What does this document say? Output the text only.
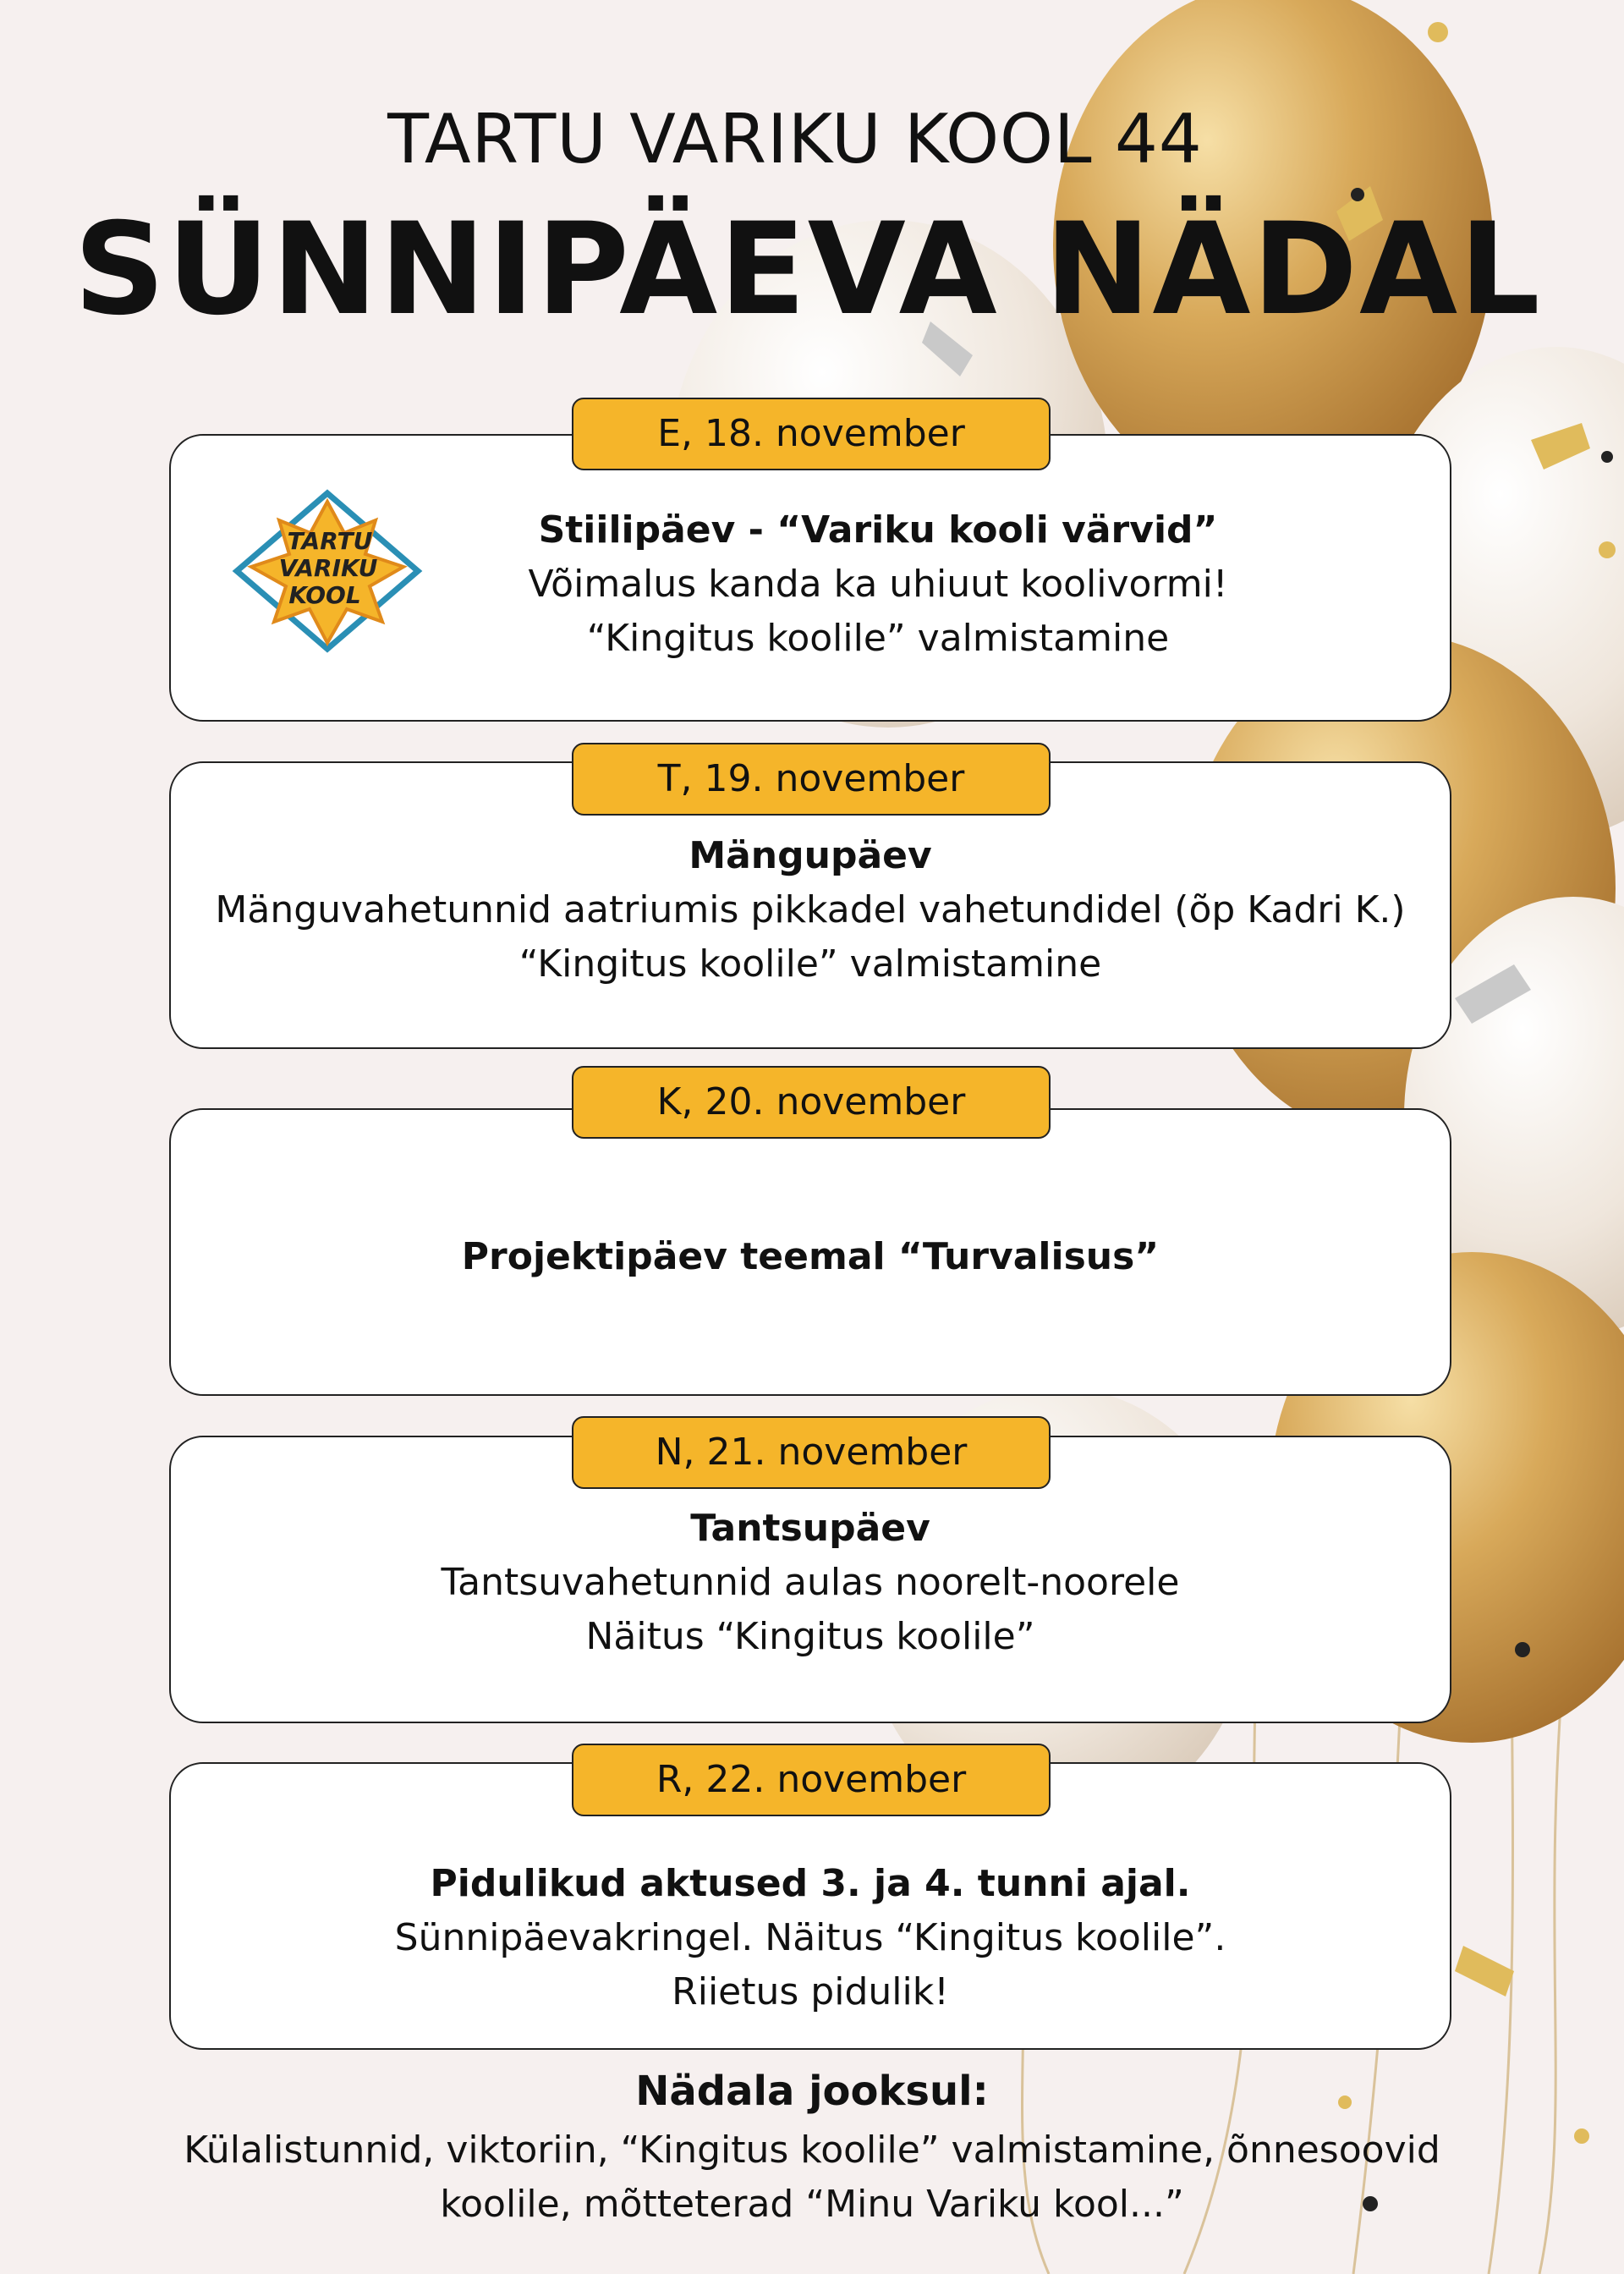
TARTU VARIKU KOOL 44
SÜNNIPÄEVA NÄDAL
TARTU
VARIKU
KOOL
Stiilipäev - “Variku kooli värvid”
Võimalus kanda ka uhiuut koolivormi!
“Kingitus koolile” valmistamine
E, 18. november
Mängupäev
Mänguvahetunnid aatriumis pikkadel vahetundidel (õp Kadri K.)
“Kingitus koolile” valmistamine
T, 19. november
Projektipäev teemal “Turvalisus”
K, 20. november
Tantsupäev
Tantsuvahetunnid aulas noorelt-noorele
Näitus “Kingitus koolile”
N, 21. november
Pidulikud aktused 3. ja 4. tunni ajal.
Sünnipäevakringel. Näitus “Kingitus koolile”.
Riietus pidulik!
R, 22. november
Nädala jooksul:
Külalistunnid, viktoriin, “Kingitus koolile” valmistamine, õnnesoovid
koolile, mõtteterad “Minu Variku kool...”
